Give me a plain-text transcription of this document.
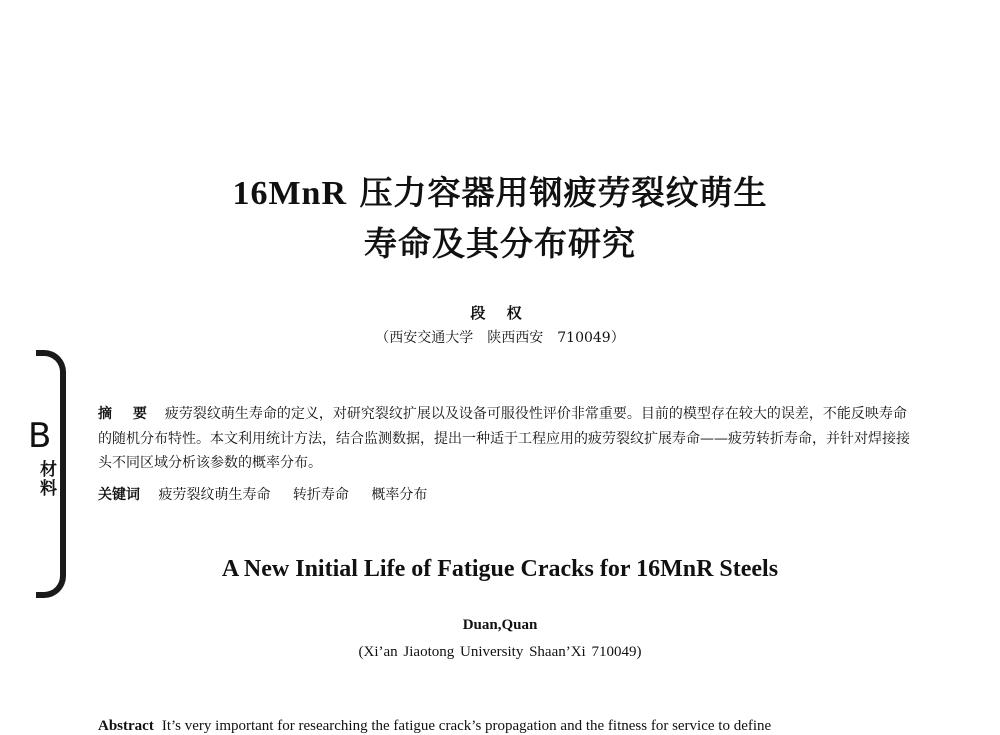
16MnR 压力容器用钢疲劳裂纹萌生
寿命及其分布研究
段 权
（西安交通大学　陕西西安　710049）
B
材料
摘 要 疲劳裂纹萌生寿命的定义，对研究裂纹扩展以及设备可服役性评价非常重要。目前的模型存在较大的误差，不能反映寿命的随机分布特性。本文利用统计方法，结合监测数据，提出一种适于工程应用的疲劳裂纹扩展寿命——疲劳转折寿命，并针对焊接接头不同区域分析该参数的概率分布。
关键词 疲劳裂纹萌生寿命 转折寿命 概率分布
A New Initial Life of Fatigue Cracks for 16MnR Steels
Duan,Quan
(Xi’an Jiaotong University Shaan’Xi 710049)
Abstract It’s very important for researching the fatigue crack’s propagation and the fitness for service to define
